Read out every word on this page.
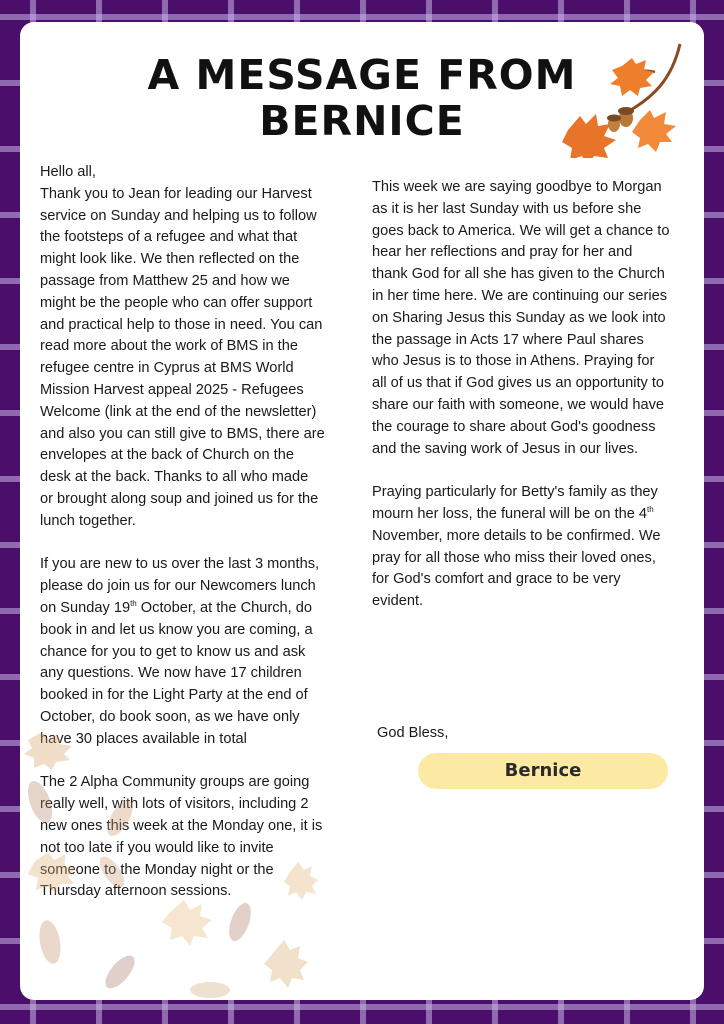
A MESSAGE FROM
BERNICE

Hello all,

Thank you to Jean for leading our Harvest service on Sunday and helping us to follow the footsteps of a refugee and what that might look like. We then reflected on the passage from Matthew 25 and how we might be the people who can offer support and practical help to those in need. You can read more about the work of BMS in the refugee centre in Cyprus at BMS World Mission Harvest appeal 2025 - Refugees Welcome (link at the end of the newsletter) and also you can still give to BMS, there are envelopes at the back of Church on the desk at the back. Thanks to all who made or brought along soup and joined us for the lunch together.

If you are new to us over the last 3 months, please do join us for our Newcomers lunch on Sunday 19th October, at the Church, do book in and let us know you are coming, a chance for you to get to know us and ask any questions. We now have 17 children booked in for the Light Party at the end of October, do book soon, as we have only have 30 places available in total

The 2 Alpha Community groups are going really well, with lots of visitors, including 2 new ones this week at the Monday one, it is not too late if you would like to invite someone to the Monday night or the Thursday afternoon sessions.

This week we are saying goodbye to Morgan as it is her last Sunday with us before she goes back to America. We will get a chance to hear her reflections and pray for her and thank God for all she has given to the Church in her time here. We are continuing our series on Sharing Jesus this Sunday as we look into the passage in Acts 17 where Paul shares who Jesus is to those in Athens. Praying for all of us that if God gives us an opportunity to share our faith with someone, we would have the courage to share about God's goodness and the saving work of Jesus in our lives.

Praying particularly for Betty's family as they mourn her loss, the funeral will be on the 4th November, more details to be confirmed. We pray for all those who miss their loved ones, for God's comfort and grace to be very evident.

God Bless,
Bernice
